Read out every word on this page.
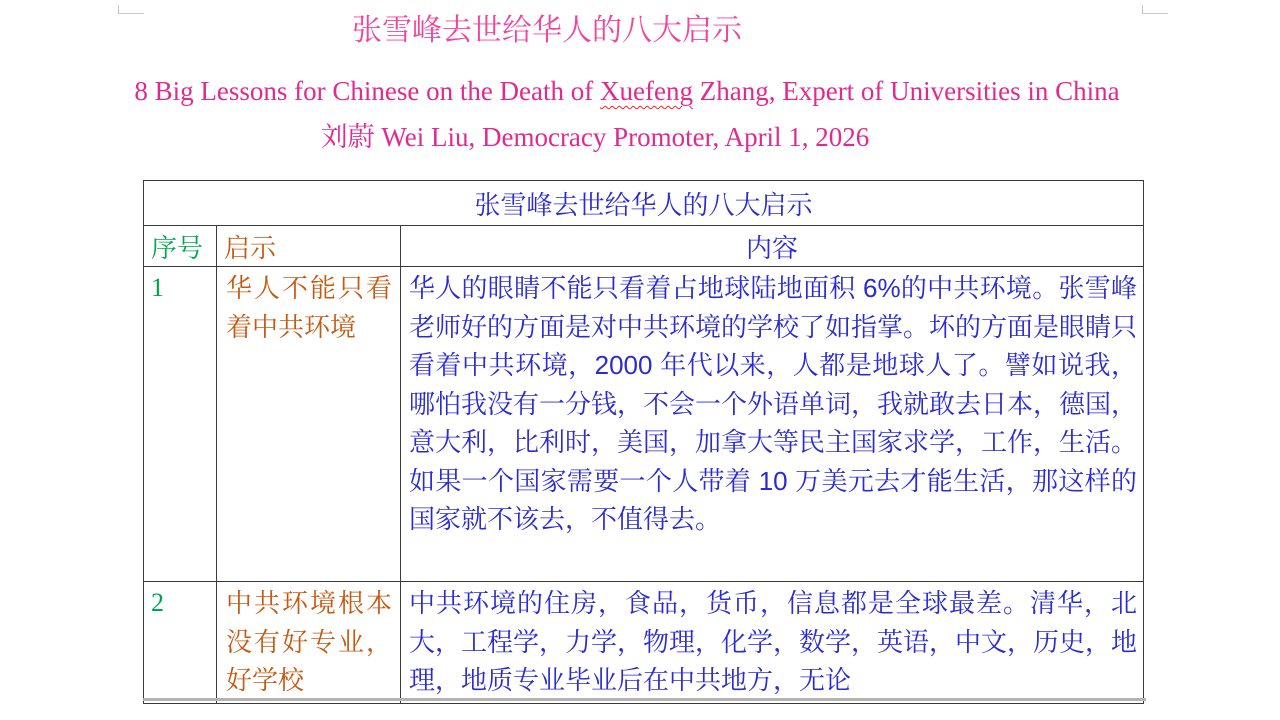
张雪峰去世给华人的八大启示
8 Big Lessons for Chinese on the Death of Xuefeng Zhang, Expert of Universities in China
刘蔚 Wei Liu, Democracy Promoter, April 1, 2026
张雪峰去世给华人的八大启示		
序号	启示	内容
1	华人不能只看着中共环境	华人的眼睛不能只看着占地球陆地面积 6%的中共环境。张雪峰老师好的方面是对中共环境的学校了如指掌。坏的方面是眼睛只看着中共环境，2000 年代以来，人都是地球人了。譬如说我，哪怕我没有一分钱，不会一个外语单词，我就敢去日本，德国，意大利，比利时，美国，加拿大等民主国家求学，工作，生活。如果一个国家需要一个人带着 10 万美元去才能生活，那这样的国家就不该去，不值得去。
2	中共环境根本没有好专业，好学校	中共环境的住房，食品，货币，信息都是全球最差。清华，北大，工程学，力学，物理，化学，数学，英语，中文，历史，地理，地质专业毕业后在中共地方，无论
